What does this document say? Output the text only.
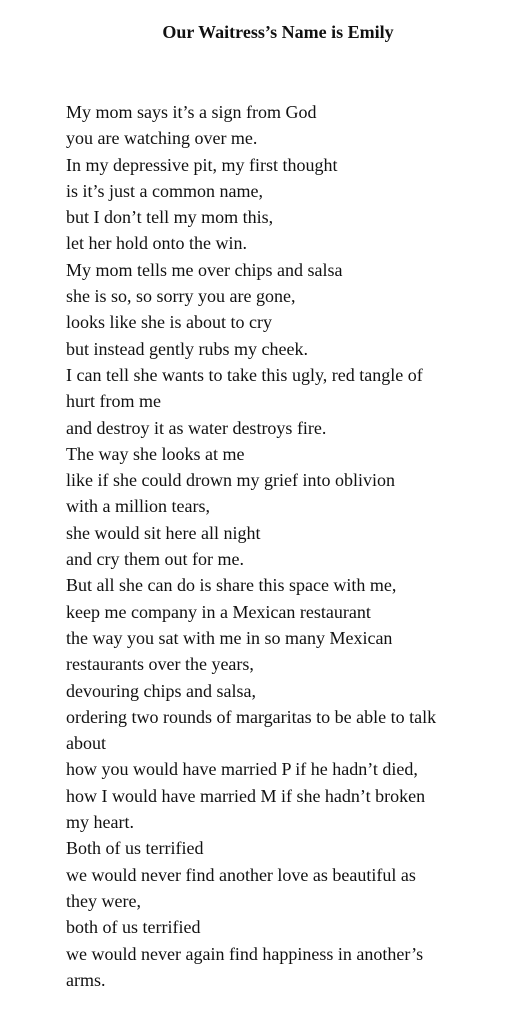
Our Waitress’s Name is Emily
My mom says it’s a sign from God
you are watching over me.
In my depressive pit, my first thought
is it’s just a common name,
but I don’t tell my mom this,
let her hold onto the win.
My mom tells me over chips and salsa
she is so, so sorry you are gone,
looks like she is about to cry
but instead gently rubs my cheek.
I can tell she wants to take this ugly, red tangle of
hurt from me
and destroy it as water destroys fire.
The way she looks at me
like if she could drown my grief into oblivion
with a million tears,
she would sit here all night
and cry them out for me.
But all she can do is share this space with me,
keep me company in a Mexican restaurant
the way you sat with me in so many Mexican
restaurants over the years,
devouring chips and salsa,
ordering two rounds of margaritas to be able to talk
about
how you would have married P if he hadn’t died,
how I would have married M if she hadn’t broken
my heart.
Both of us terrified
we would never find another love as beautiful as
they were,
both of us terrified
we would never again find happiness in another’s
arms.
